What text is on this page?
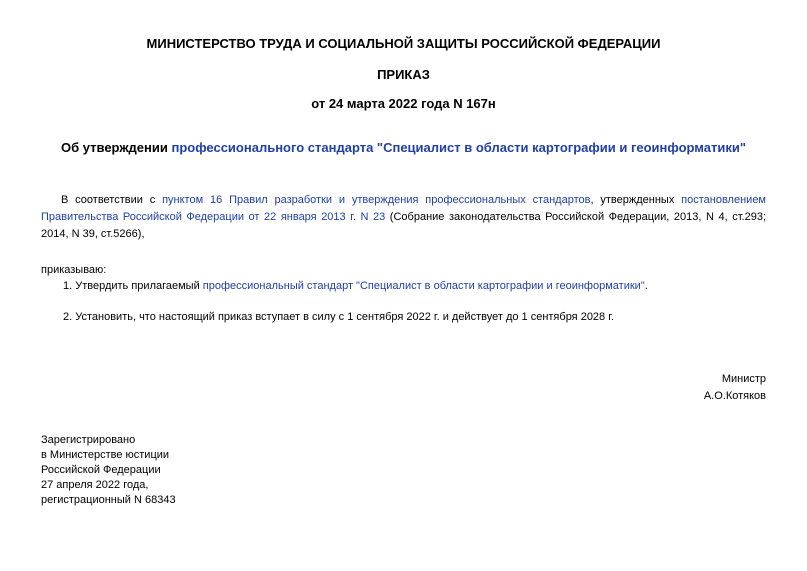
МИНИСТЕРСТВО ТРУДА И СОЦИАЛЬНОЙ ЗАЩИТЫ РОССИЙСКОЙ ФЕДЕРАЦИИ
ПРИКАЗ
от 24 марта 2022 года N 167н
Об утверждении профессионального стандарта "Специалист в области картографии и геоинформатики"
В соответствии с пунктом 16 Правил разработки и утверждения профессиональных стандартов, утвержденных постановлением Правительства Российской Федерации от 22 января 2013 г. N 23 (Собрание законодательства Российской Федерации, 2013, N 4, ст.293; 2014, N 39, ст.5266),
приказываю:
1. Утвердить прилагаемый профессиональный стандарт "Специалист в области картографии и геоинформатики".
2. Установить, что настоящий приказ вступает в силу с 1 сентября 2022 г. и действует до 1 сентября 2028 г.
Министр
А.О.Котяков
Зарегистрировано
в Министерстве юстиции
Российской Федерации
27 апреля 2022 года,
регистрационный N 68343
